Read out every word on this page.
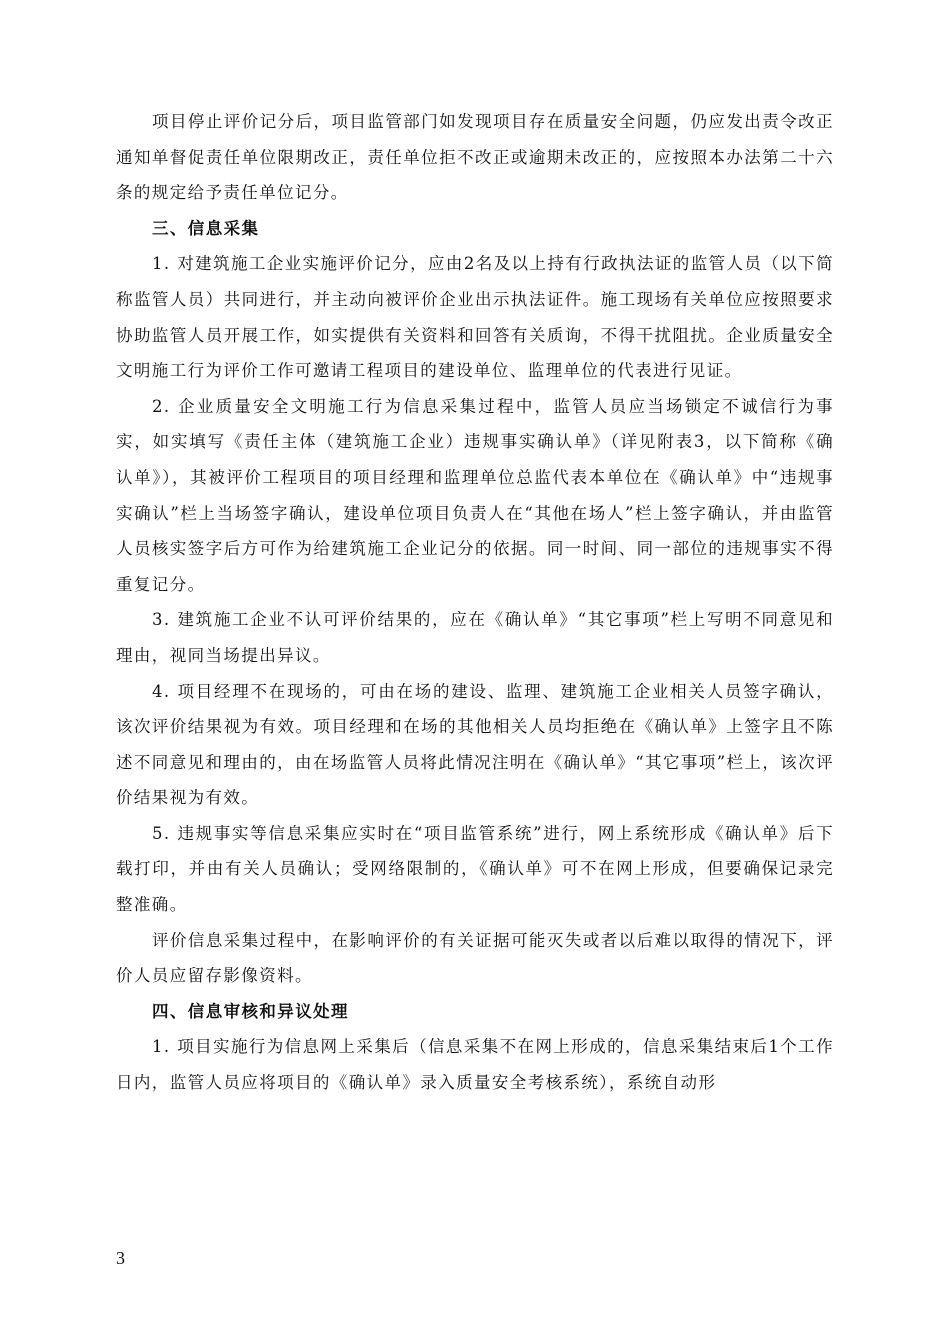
项目停止评价记分后，项目监管部门如发现项目存在质量安全问题，仍应发出责令改正通知单督促责任单位限期改正，责任单位拒不改正或逾期未改正的，应按照本办法第二十六条的规定给予责任单位记分。

三、信息采集

1. 对建筑施工企业实施评价记分，应由2名及以上持有行政执法证的监管人员（以下简称监管人员）共同进行，并主动向被评价企业出示执法证件。施工现场有关单位应按照要求协助监管人员开展工作，如实提供有关资料和回答有关质询，不得干扰阻扰。企业质量安全文明施工行为评价工作可邀请工程项目的建设单位、监理单位的代表进行见证。

2. 企业质量安全文明施工行为信息采集过程中，监管人员应当场锁定不诚信行为事实，如实填写《责任主体（建筑施工企业）违规事实确认单》（详见附表3，以下简称《确认单》），其被评价工程项目的项目经理和监理单位总监代表本单位在《确认单》中“违规事实确认”栏上当场签字确认，建设单位项目负责人在“其他在场人”栏上签字确认，并由监管人员核实签字后方可作为给建筑施工企业记分的依据。同一时间、同一部位的违规事实不得重复记分。

3. 建筑施工企业不认可评价结果的，应在《确认单》“其它事项”栏上写明不同意见和理由，视同当场提出异议。

4. 项目经理不在现场的，可由在场的建设、监理、建筑施工企业相关人员签字确认，该次评价结果视为有效。项目经理和在场的其他相关人员均拒绝在《确认单》上签字且不陈述不同意见和理由的，由在场监管人员将此情况注明在《确认单》“其它事项”栏上，该次评价结果视为有效。

5. 违规事实等信息采集应实时在“项目监管系统”进行，网上系统形成《确认单》后下载打印，并由有关人员确认；受网络限制的，《确认单》可不在网上形成，但要确保记录完整准确。

评价信息采集过程中，在影响评价的有关证据可能灭失或者以后难以取得的情况下，评价人员应留存影像资料。

四、信息审核和异议处理

1. 项目实施行为信息网上采集后（信息采集不在网上形成的，信息采集结束后1个工作日内，监管人员应将项目的《确认单》录入质量安全考核系统），系统自动形

3
